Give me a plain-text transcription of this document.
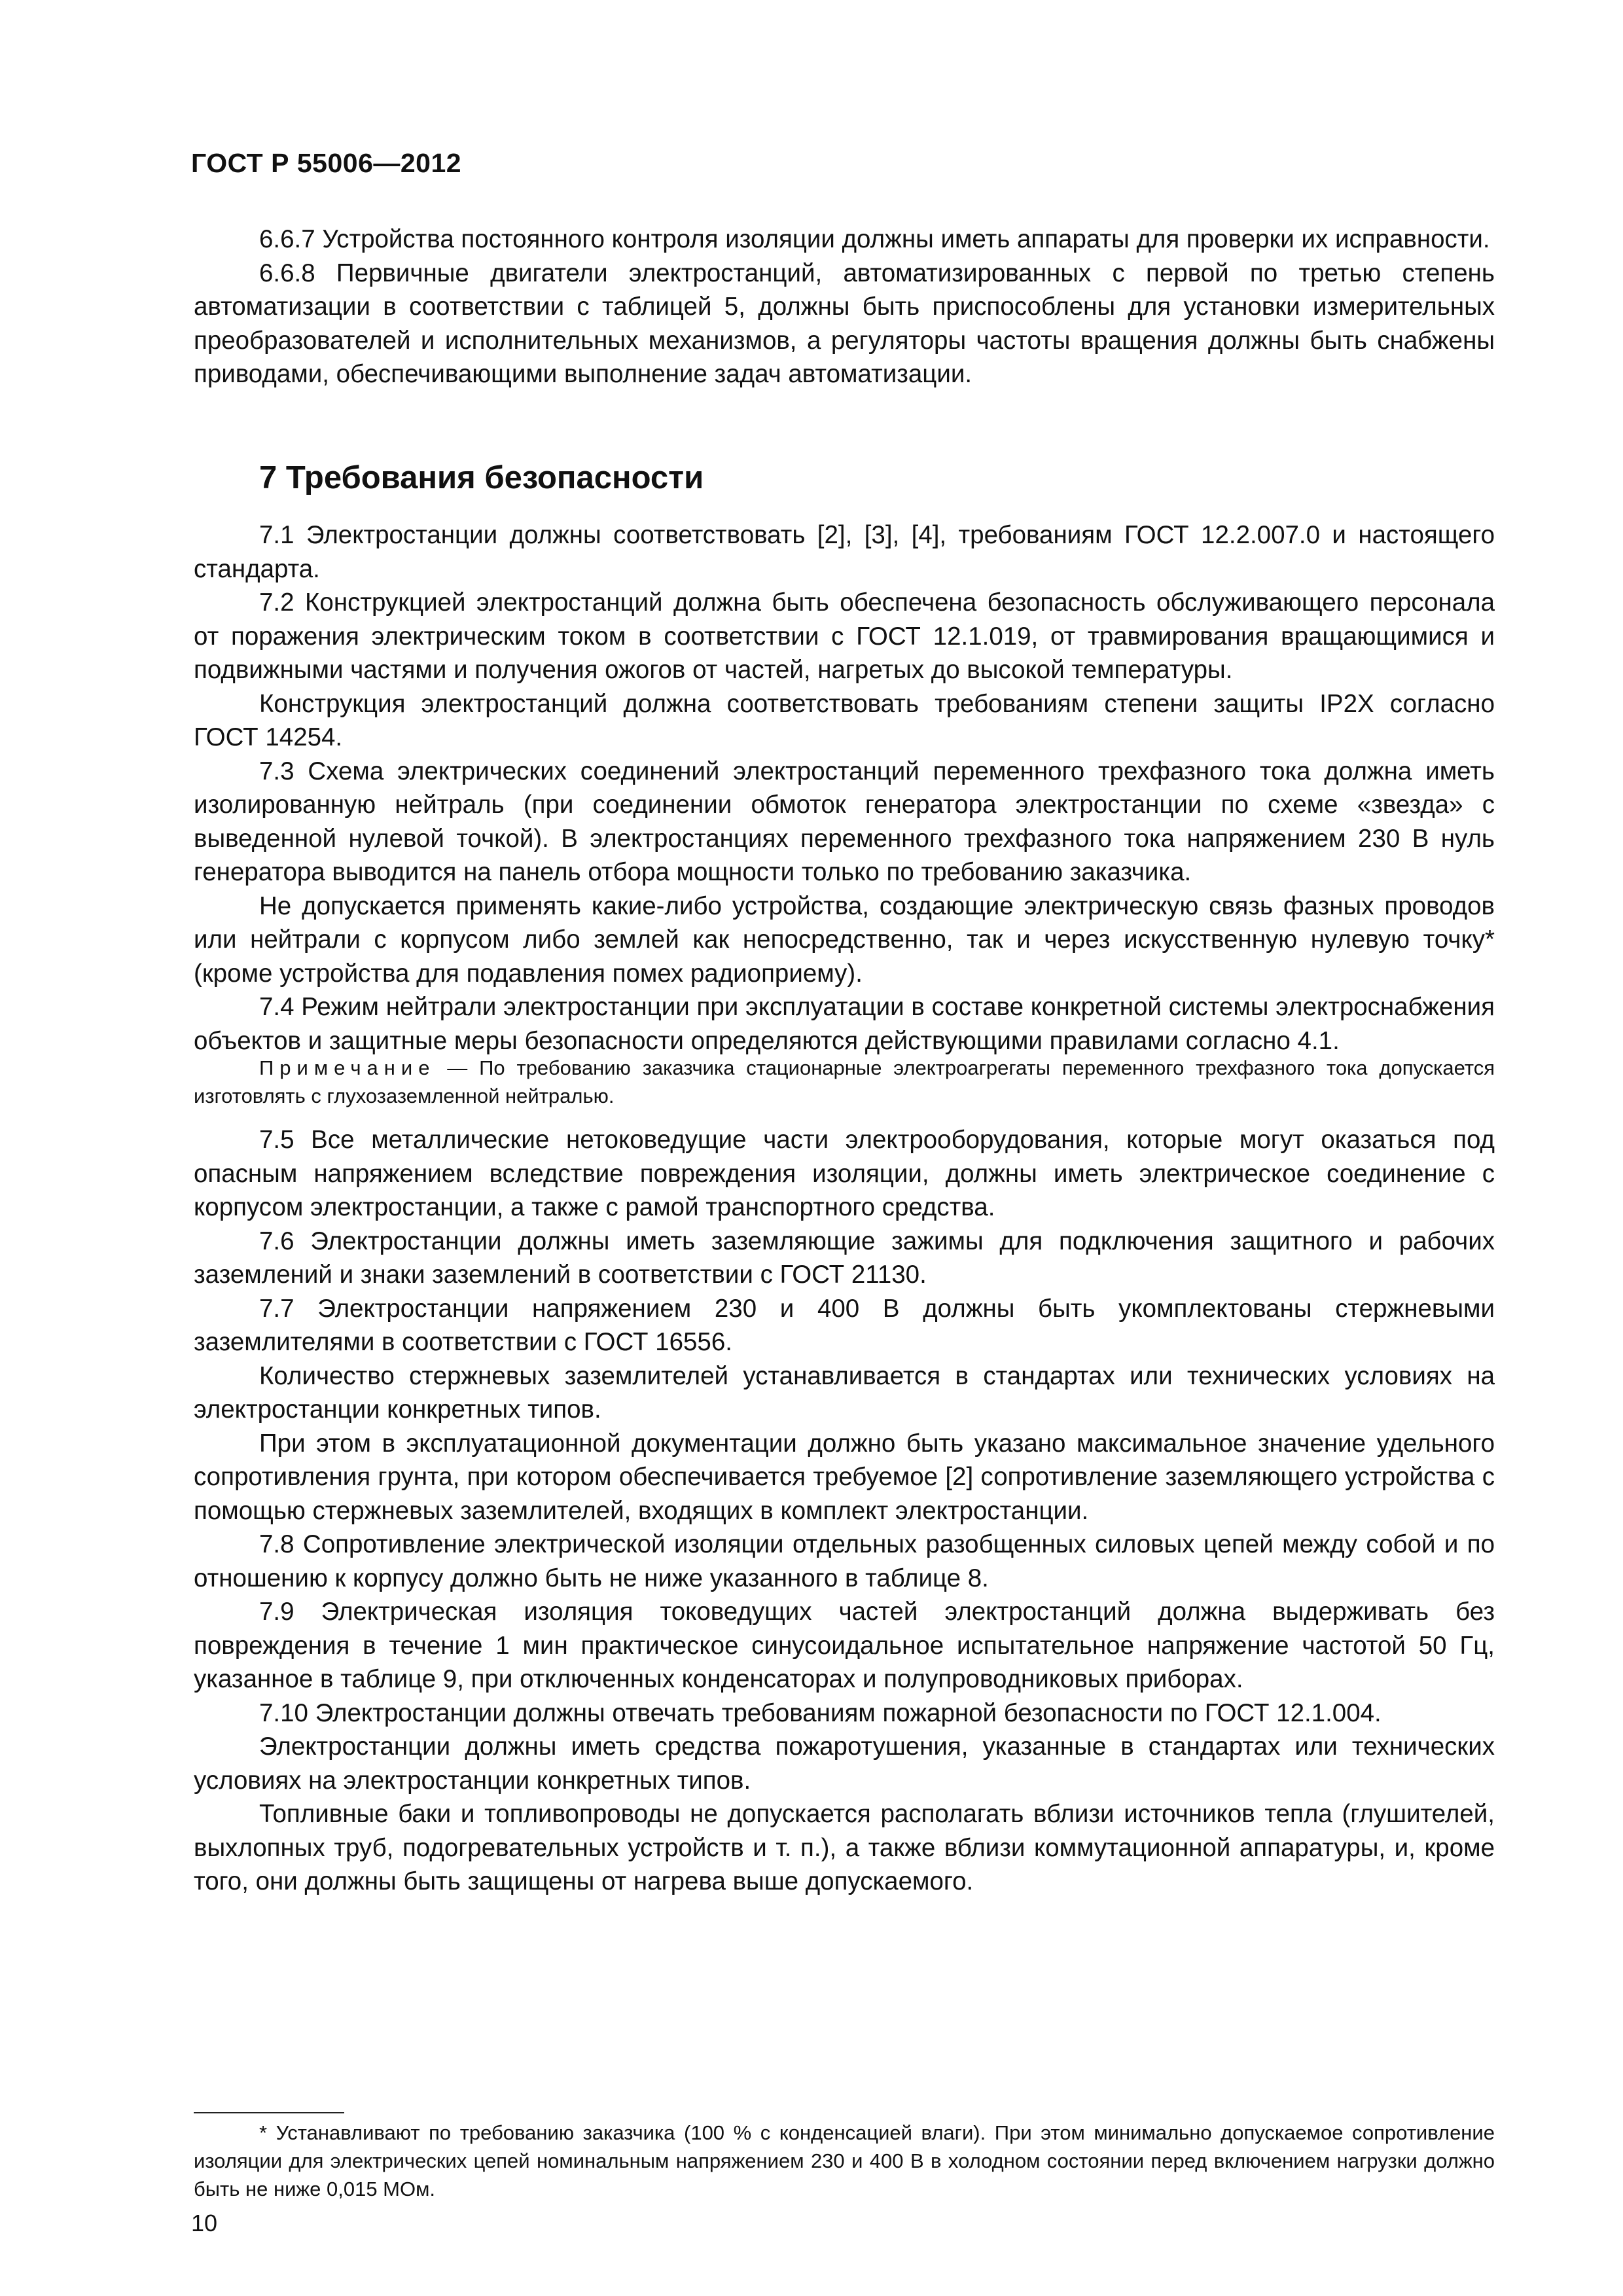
ГОСТ Р 55006—2012

6.6.7 Устройства постоянного контроля изоляции должны иметь аппараты для проверки их исправности.

6.6.8 Первичные двигатели электростанций, автоматизированных с первой по третью степень автоматизации в соответствии с таблицей 5, должны быть приспособлены для установки измерительных преобразователей и исполнительных механизмов, а регуляторы частоты вращения должны быть снабжены приводами, обеспечивающими выполнение задач автоматизации.

7 Требования безопасности

7.1 Электростанции должны соответствовать [2], [3], [4], требованиям ГОСТ 12.2.007.0 и настоящего стандарта.

7.2 Конструкцией электростанций должна быть обеспечена безопасность обслуживающего персонала от поражения электрическим током в соответствии с ГОСТ 12.1.019, от травмирования вращающимися и подвижными частями и получения ожогов от частей, нагретых до высокой температуры.

Конструкция электростанций должна соответствовать требованиям степени защиты IP2X согласно ГОСТ 14254.

7.3 Схема электрических соединений электростанций переменного трехфазного тока должна иметь изолированную нейтраль (при соединении обмоток генератора электростанции по схеме «звезда» с выведенной нулевой точкой). В электростанциях переменного трехфазного тока напряжением 230 В нуль генератора выводится на панель отбора мощности только по требованию заказчика.

Не допускается применять какие-либо устройства, создающие электрическую связь фазных проводов или нейтрали с корпусом либо землей как непосредственно, так и через искусственную нулевую точку* (кроме устройства для подавления помех радиоприему).

7.4 Режим нейтрали электростанции при эксплуатации в составе конкретной системы электроснабжения объектов и защитные меры безопасности определяются действующими правилами согласно 4.1.

Примечание — По требованию заказчика стационарные электроагрегаты переменного трехфазного тока допускается изготовлять с глухозаземленной нейтралью.

7.5 Все металлические нетоковедущие части электрооборудования, которые могут оказаться под опасным напряжением вследствие повреждения изоляции, должны иметь электрическое соединение с корпусом электростанции, а также с рамой транспортного средства.

7.6 Электростанции должны иметь заземляющие зажимы для подключения защитного и рабочих заземлений и знаки заземлений в соответствии с ГОСТ 21130.

7.7 Электростанции напряжением 230 и 400 В должны быть укомплектованы стержневыми заземлителями в соответствии с ГОСТ 16556.

Количество стержневых заземлителей устанавливается в стандартах или технических условиях на электростанции конкретных типов.

При этом в эксплуатационной документации должно быть указано максимальное значение удельного сопротивления грунта, при котором обеспечивается требуемое [2] сопротивление заземляющего устройства с помощью стержневых заземлителей, входящих в комплект электростанции.

7.8 Сопротивление электрической изоляции отдельных разобщенных силовых цепей между собой и по отношению к корпусу должно быть не ниже указанного в таблице 8.

7.9 Электрическая изоляция токоведущих частей электростанций должна выдерживать без повреждения в течение 1 мин практическое синусоидальное испытательное напряжение частотой 50 Гц, указанное в таблице 9, при отключенных конденсаторах и полупроводниковых приборах.

7.10 Электростанции должны отвечать требованиям пожарной безопасности по ГОСТ 12.1.004.

Электростанции должны иметь средства пожаротушения, указанные в стандартах или технических условиях на электростанции конкретных типов.

Топливные баки и топливопроводы не допускается располагать вблизи источников тепла (глушителей, выхлопных труб, подогревательных устройств и т. п.), а также вблизи коммутационной аппаратуры, и, кроме того, они должны быть защищены от нагрева выше допускаемого.

* Устанавливают по требованию заказчика (100 % с конденсацией влаги). При этом минимально допускаемое сопротивление изоляции для электрических цепей номинальным напряжением 230 и 400 В в холодном состоянии перед включением нагрузки должно быть не ниже 0,015 МОм.

10
